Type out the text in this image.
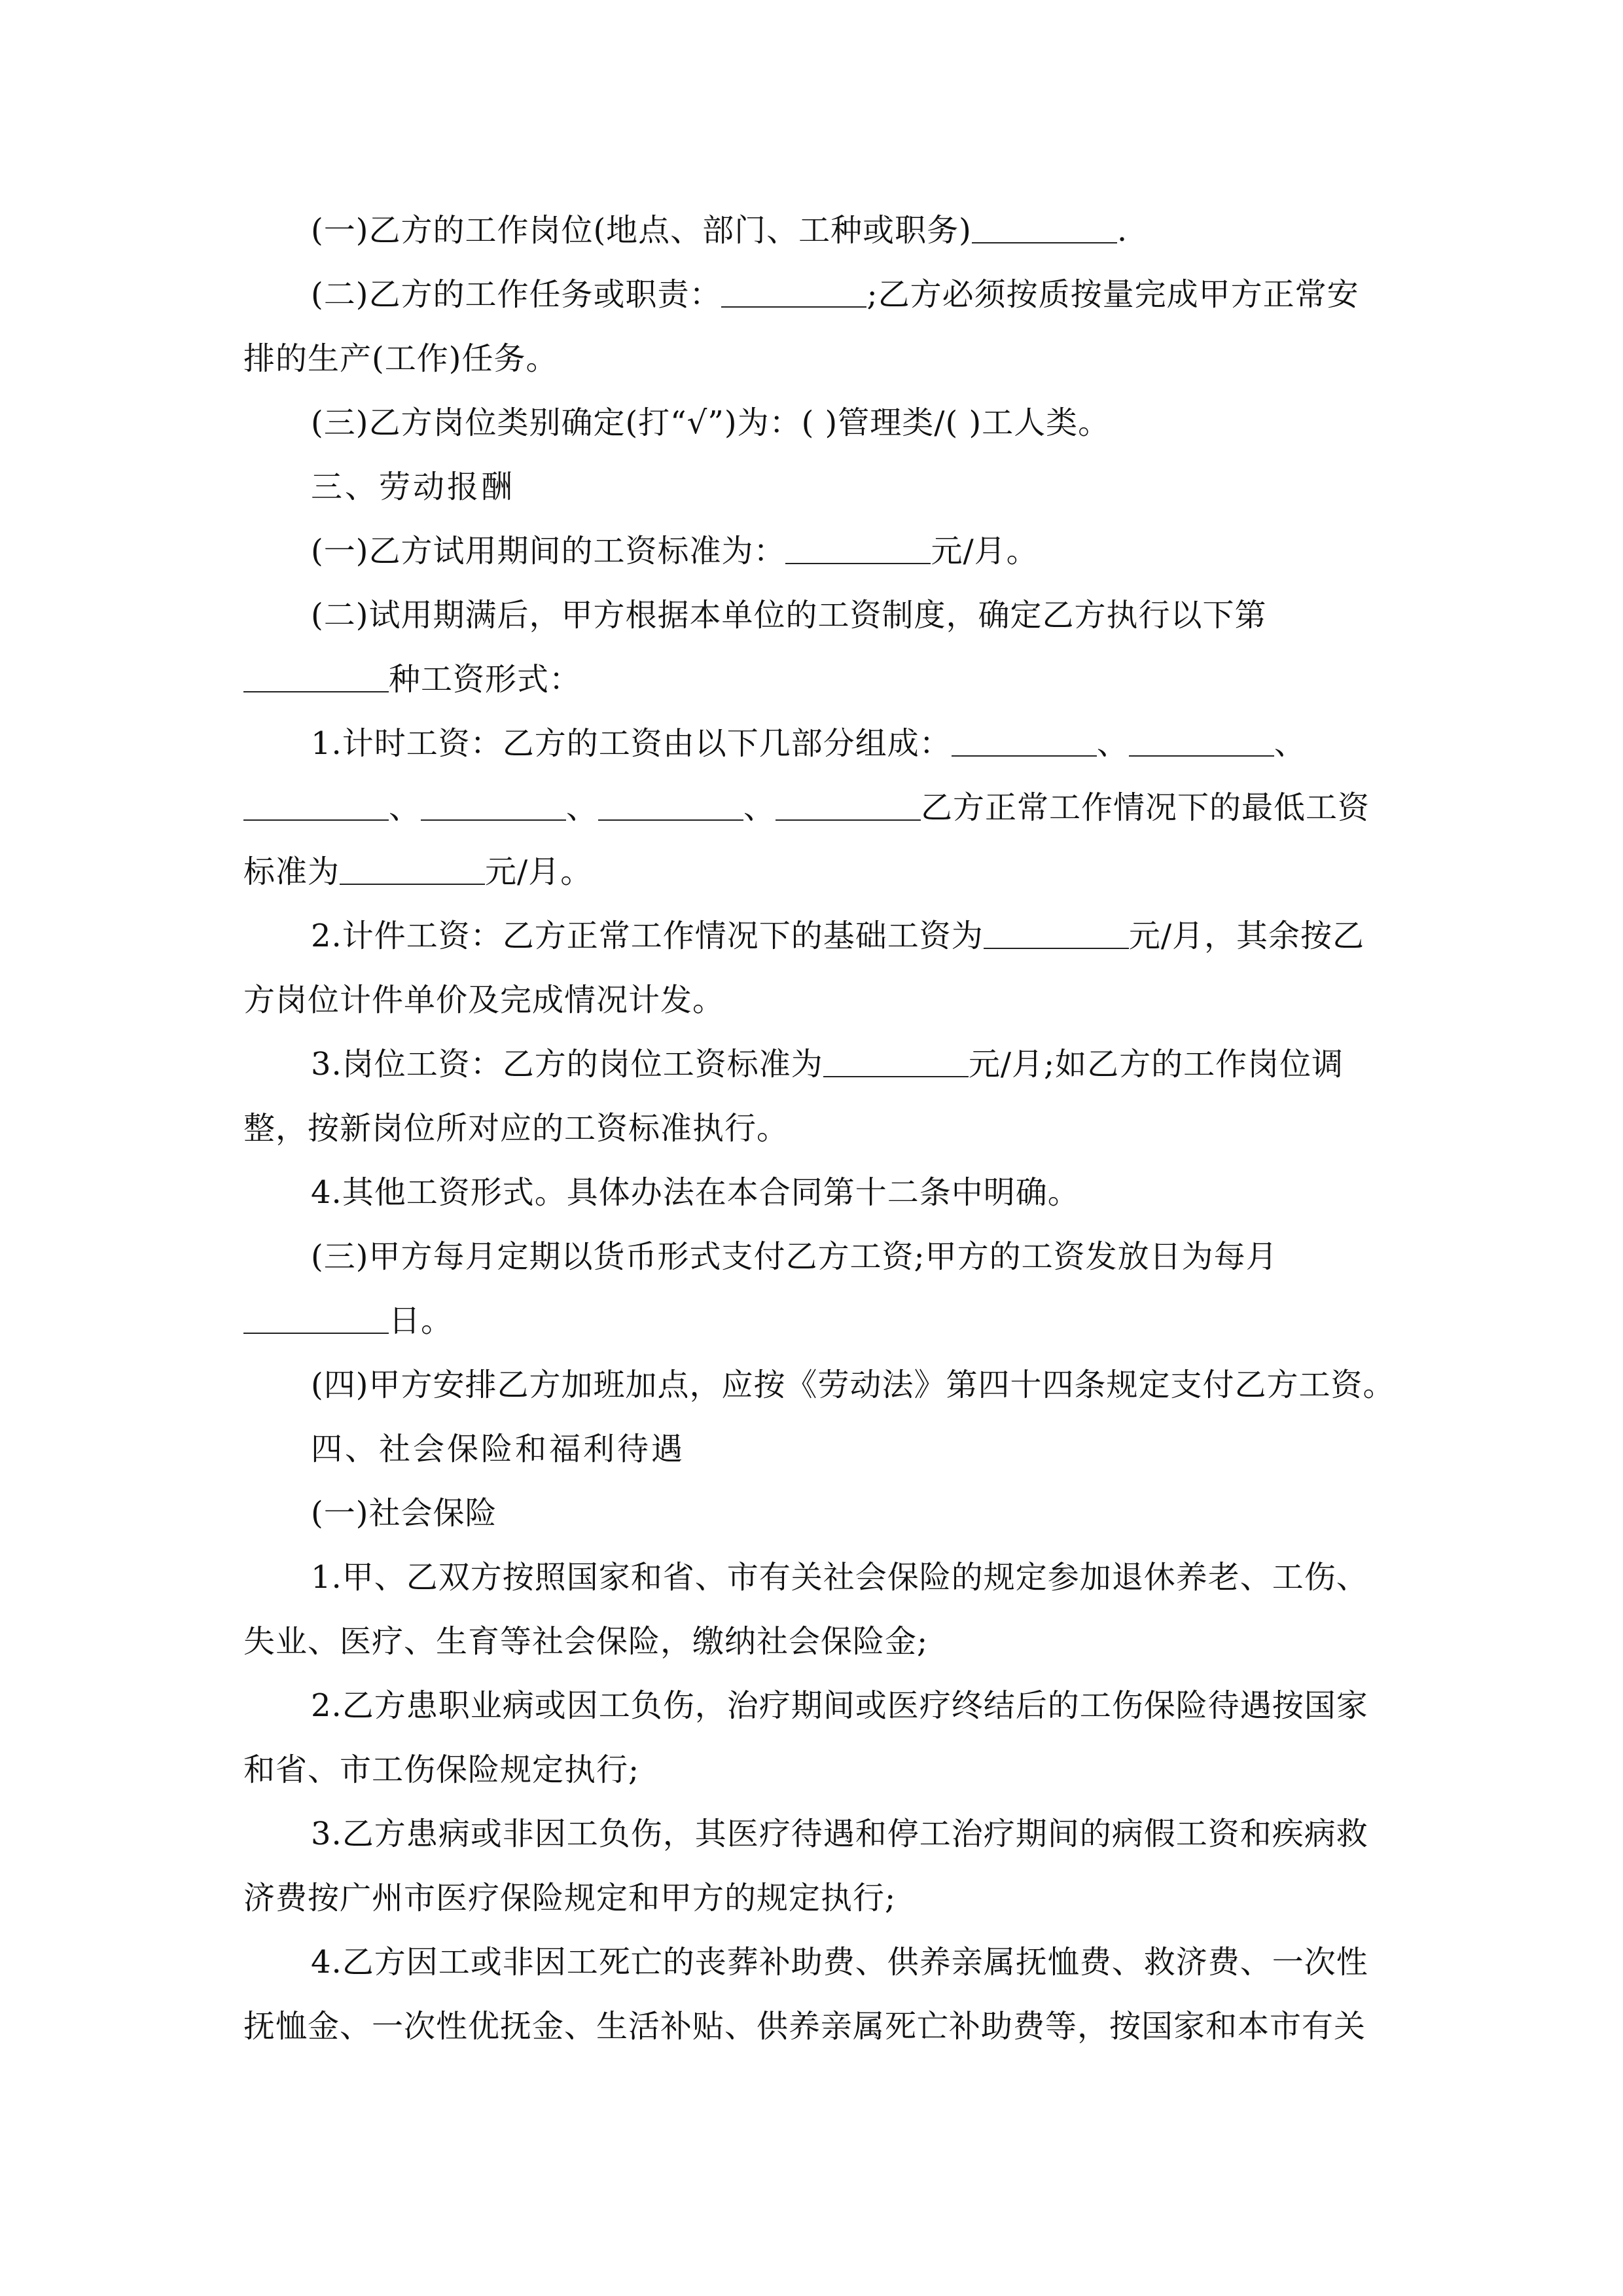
(一)乙方的工作岗位(地点、部门、工种或职务)	.
(二)乙方的工作任务或职责：	;乙方必须按质按量完成甲方正常安
排的生产(工作)任务。
(三)乙方岗位类别确定(打“√”)为：( )管理类/( )工人类。
三、劳动报酬
(一)乙方试用期间的工资标准为：	元/月。
(二)试用期满后，甲方根据本单位的工资制度，确定乙方执行以下第
种工资形式：
1.计时工资：乙方的工资由以下几部分组成：	、	、
、	、	、	乙方正常工作情况下的最低工资
标准为	元/月。
2.计件工资：乙方正常工作情况下的基础工资为	元/月，其余按乙
方岗位计件单价及完成情况计发。
3.岗位工资：乙方的岗位工资标准为	元/月;如乙方的工作岗位调
整，按新岗位所对应的工资标准执行。
4.其他工资形式。具体办法在本合同第十二条中明确。
(三)甲方每月定期以货币形式支付乙方工资;甲方的工资发放日为每月
日。
(四)甲方安排乙方加班加点，应按《劳动法》第四十四条规定支付乙方工资。
四、社会保险和福利待遇
(一)社会保险
1.甲、乙双方按照国家和省、市有关社会保险的规定参加退休养老、工伤、
失业、医疗、生育等社会保险，缴纳社会保险金;
2.乙方患职业病或因工负伤，治疗期间或医疗终结后的工伤保险待遇按国家
和省、市工伤保险规定执行;
3.乙方患病或非因工负伤，其医疗待遇和停工治疗期间的病假工资和疾病救
济费按广州市医疗保险规定和甲方的规定执行;
4.乙方因工或非因工死亡的丧葬补助费、供养亲属抚恤费、救济费、一次性
抚恤金、一次性优抚金、生活补贴、供养亲属死亡补助费等，按国家和本市有关
